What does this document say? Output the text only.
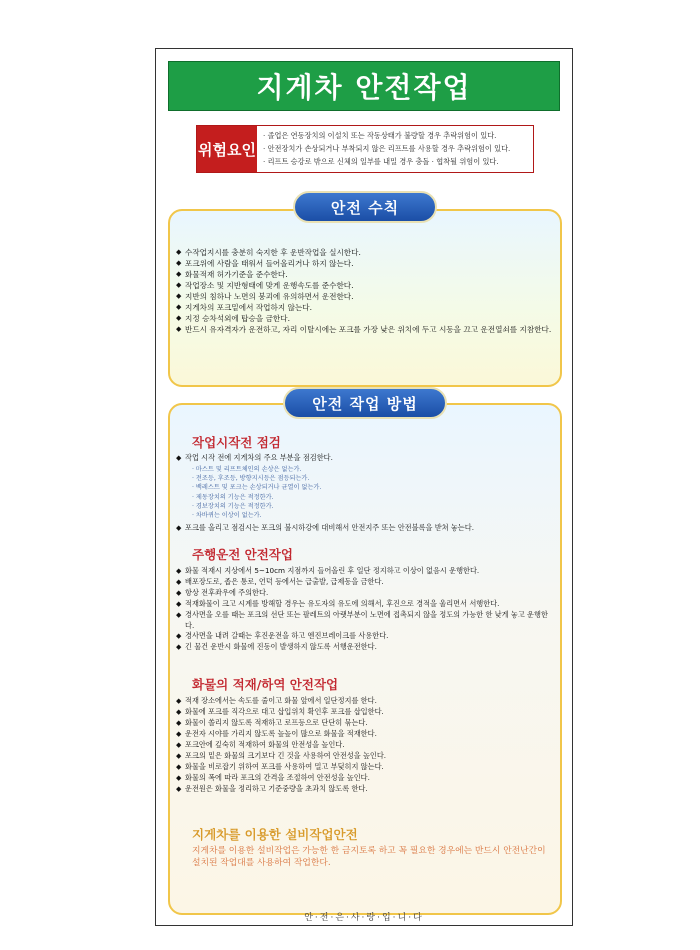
지게차 안전작업
위험요인
· 졸업은 연동장치의 이설치 또는 작동상태가 불량할 경우 추락위험이 있다.
· 안전장치가 손상되거나 부착되지 않은 리프트를 사용할 경우 추락위험이 있다.
· 리프트 승강로 밖으로 신체의 일부를 내밀 경우 충돌 · 협착될 위험이 있다.
안전 수칙
◆ 수작업지시를 충분히 숙지한 후 운반작업을 실시한다.
◆ 포크위에 사람을 태워서 들어올리거나 하지 않는다.
◆ 화물적재 허가기준을 준수한다.
◆ 작업장소 및 지반형태에 맞게 운행속도를 준수한다.
◆ 지반의 침하나 노면의 붕괴에 유의하면서 운전한다.
◆ 지게차의 포크밑에서 작업하지 않는다.
◆ 지정 승차석외에 탑승을 금한다.
◆ 반드시 유자격자가 운전하고, 자리 이탈시에는 포크를 가장 낮은 위치에 두고 시동을 끄고 운전열쇠를 지참한다.
안전 작업 방법
작업시작전 점검
◆ 작업 시작 전에 지게차의 주요 부분을 점검한다.
· 마스트 및 리프트체인의 손상은 없는가.
· 전조등, 후조등, 방향지시등은 점등되는가.
· 백레스트 및 포크는 손상되거나 균열이 없는가.
· 제동장치의 기능은 적정한가.
· 경보장치의 기능은 적정한가.
· 차바퀴는 이상이 없는가.
◆ 포크를 올리고 점검시는 포크의 불시하강에 대비해서 안전지주 또는 안전블록을 받쳐 놓는다.
주행운전 안전작업
◆ 화물 적재시 지상에서 5~10cm 지점까지 들어올린 후 일단 정지하고 이상이 없음시 운행한다.
◆ 배포장도로, 좁은 통로, 언덕 등에서는 급출발, 급제동을 금한다.
◆ 항상 전후좌우에 주의한다.
◆ 적재화물이 크고 시계를 방해할 경우는 유도자의 유도에 의해서, 후진으로 경적을 울리면서 서행한다.
◆ 경사면을 오를 때는 포크의 선단 또는 팔레트의 아랫부분이 노면에 접촉되지 않을 정도의 가능한 한 낮게 놓고 운행한다.
◆ 경사면을 내려 갈때는 후진운전을 하고 엔진브레이크를 사용한다.
◆ 긴 물건 운반시 화물에 진동이 발생하지 않도록 서행운전한다.
화물의 적재/하역 안전작업
◆ 적재 장소에서는 속도를 줄이고 화물 앞에서 일단정지를 한다.
◆ 화물에 포크를 직각으로 대고 삽입위치 확인후 포크를 삽입한다.
◆ 화물이 쏠리지 않도록 적재하고 로프등으로 단단히 묶는다.
◆ 운전자 시야를 가리지 않도록 높높이 많으로 화물을 적재한다.
◆ 포크안에 깊숙히 적재하여 화물의 안전성을 높인다.
◆ 포크의 밑은 화물의 크기보다 긴 것을 사용하여 안전성을 높인다.
◆ 화물을 비로잡기 위하여 포크를 사용하여 밀고 부딪히지 않는다.
◆ 화물의 폭에 따라 포크의 간격을 조절하여 안전성을 높인다.
◆ 운전원은 화물을 정리하고 기준중량을 초과치 않도록 한다.
지게차를 이용한 설비작업안전
지게차를 이용한 설비작업은 가능한 한 금지토록 하고 꼭 필요한 경우에는 반드시 안전난간이 설치된 작업대를 사용하여 작업한다.
안·전·은·사·랑·입·니·다
